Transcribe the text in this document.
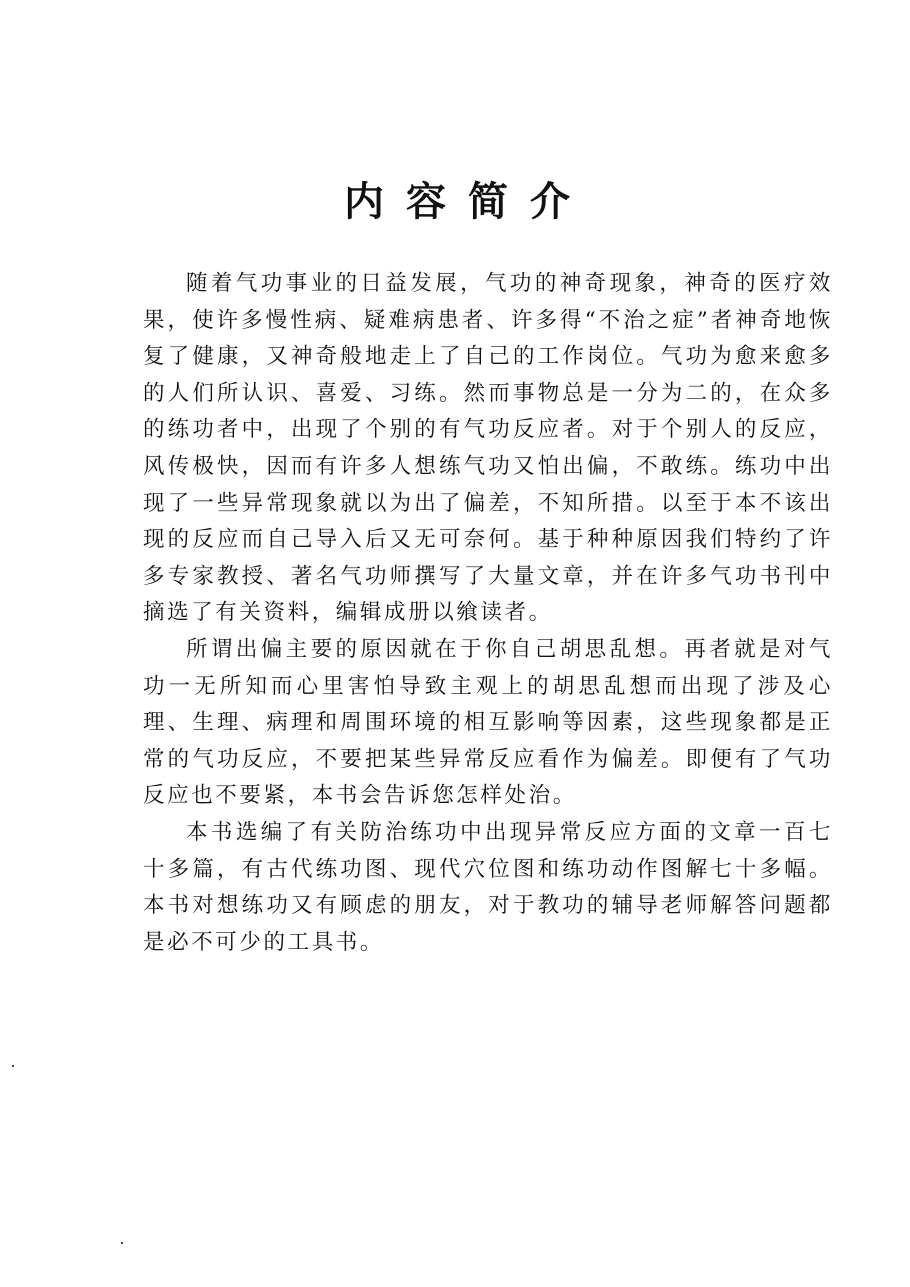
内容简介

随着气功事业的日益发展，气功的神奇现象，神奇的医疗效果，使许多慢性病、疑难病患者、许多得“不治之症”者神奇地恢复了健康，又神奇般地走上了自己的工作岗位。气功为愈来愈多的人们所认识、喜爱、习练。然而事物总是一分为二的，在众多的练功者中，出现了个别的有气功反应者。对于个别人的反应，风传极快，因而有许多人想练气功又怕出偏，不敢练。练功中出现了一些异常现象就以为出了偏差，不知所措。以至于本不该出现的反应而自己导入后又无可奈何。基于种种原因我们特约了许多专家教授、著名气功师撰写了大量文章，并在许多气功书刊中摘选了有关资料，编辑成册以飨读者。

所谓出偏主要的原因就在于你自己胡思乱想。再者就是对气功一无所知而心里害怕导致主观上的胡思乱想而出现了涉及心理、生理、病理和周围环境的相互影响等因素，这些现象都是正常的气功反应，不要把某些异常反应看作为偏差。即便有了气功反应也不要紧，本书会告诉您怎样处治。

本书选编了有关防治练功中出现异常反应方面的文章一百七十多篇，有古代练功图、现代穴位图和练功动作图解七十多幅。本书对想练功又有顾虑的朋友，对于教功的辅导老师解答问题都是必不可少的工具书。
